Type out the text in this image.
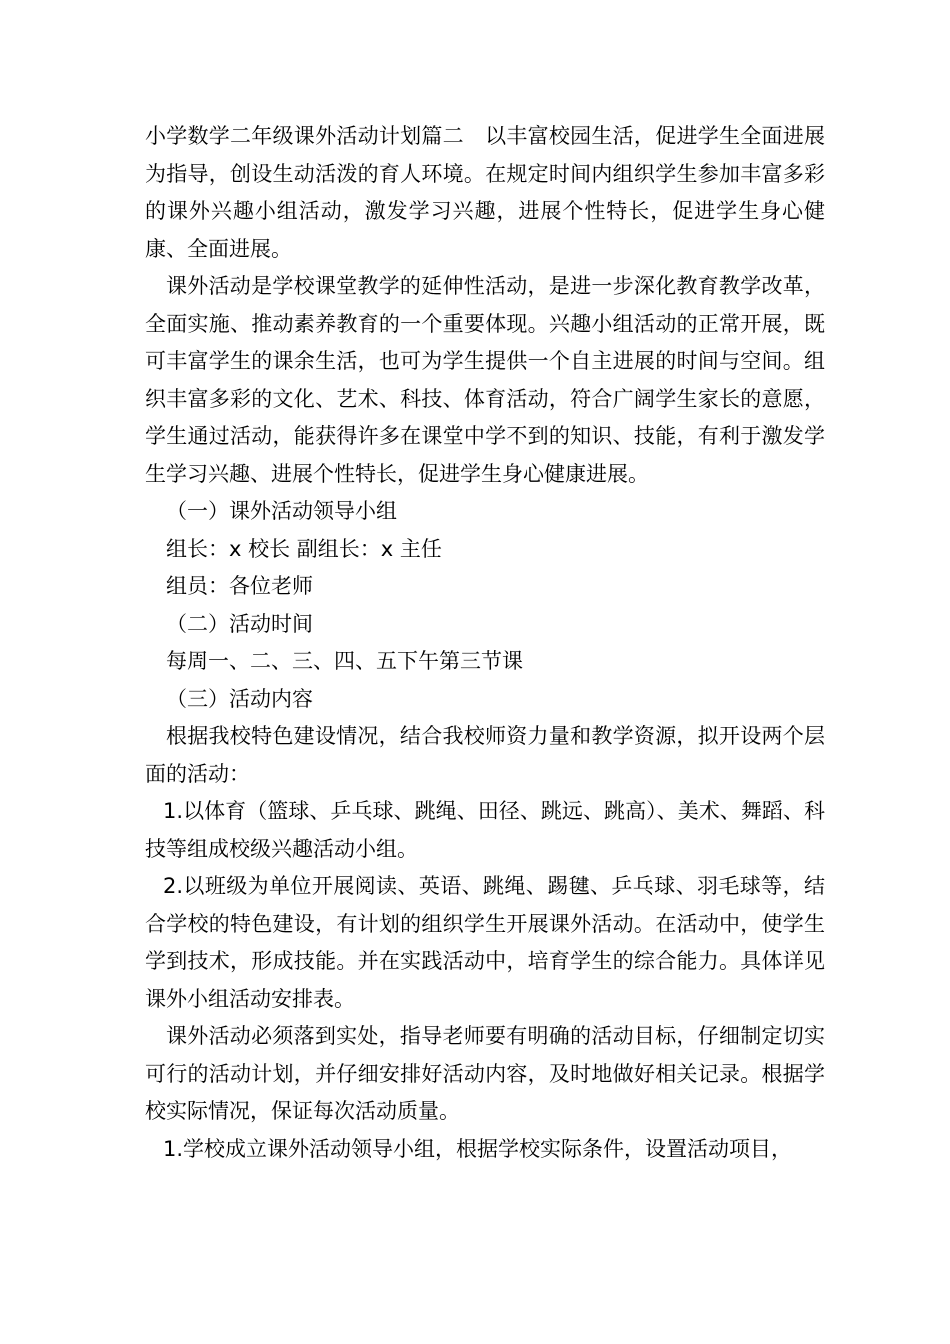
小学数学二年级课外活动计划篇二　以丰富校园生活，促进学生全面进展为指导，创设生动活泼的育人环境。在规定时间内组织学生参加丰富多彩的课外兴趣小组活动，激发学习兴趣，进展个性特长，促进学生身心健康、全面进展。

课外活动是学校课堂教学的延伸性活动，是进一步深化教育教学改革，全面实施、推动素养教育的一个重要体现。兴趣小组活动的正常开展，既可丰富学生的课余生活，也可为学生提供一个自主进展的时间与空间。组织丰富多彩的文化、艺术、科技、体育活动，符合广阔学生家长的意愿，学生通过活动，能获得许多在课堂中学不到的知识、技能，有利于激发学生学习兴趣、进展个性特长，促进学生身心健康进展。

（一）课外活动领导小组

组长：x 校长 副组长：x 主任

组员：各位老师

（二）活动时间

每周一、二、三、四、五下午第三节课

（三）活动内容

根据我校特色建设情况，结合我校师资力量和教学资源，拟开设两个层面的活动：

1.以体育（篮球、乒乓球、跳绳、田径、跳远、跳高）、美术、舞蹈、科技等组成校级兴趣活动小组。

2.以班级为单位开展阅读、英语、跳绳、踢毽、乒乓球、羽毛球等，结合学校的特色建设，有计划的组织学生开展课外活动。在活动中，使学生学到技术，形成技能。并在实践活动中，培育学生的综合能力。具体详见课外小组活动安排表。

课外活动必须落到实处，指导老师要有明确的活动目标，仔细制定切实可行的活动计划，并仔细安排好活动内容，及时地做好相关记录。根据学校实际情况，保证每次活动质量。

1.学校成立课外活动领导小组，根据学校实际条件，设置活动项目，
